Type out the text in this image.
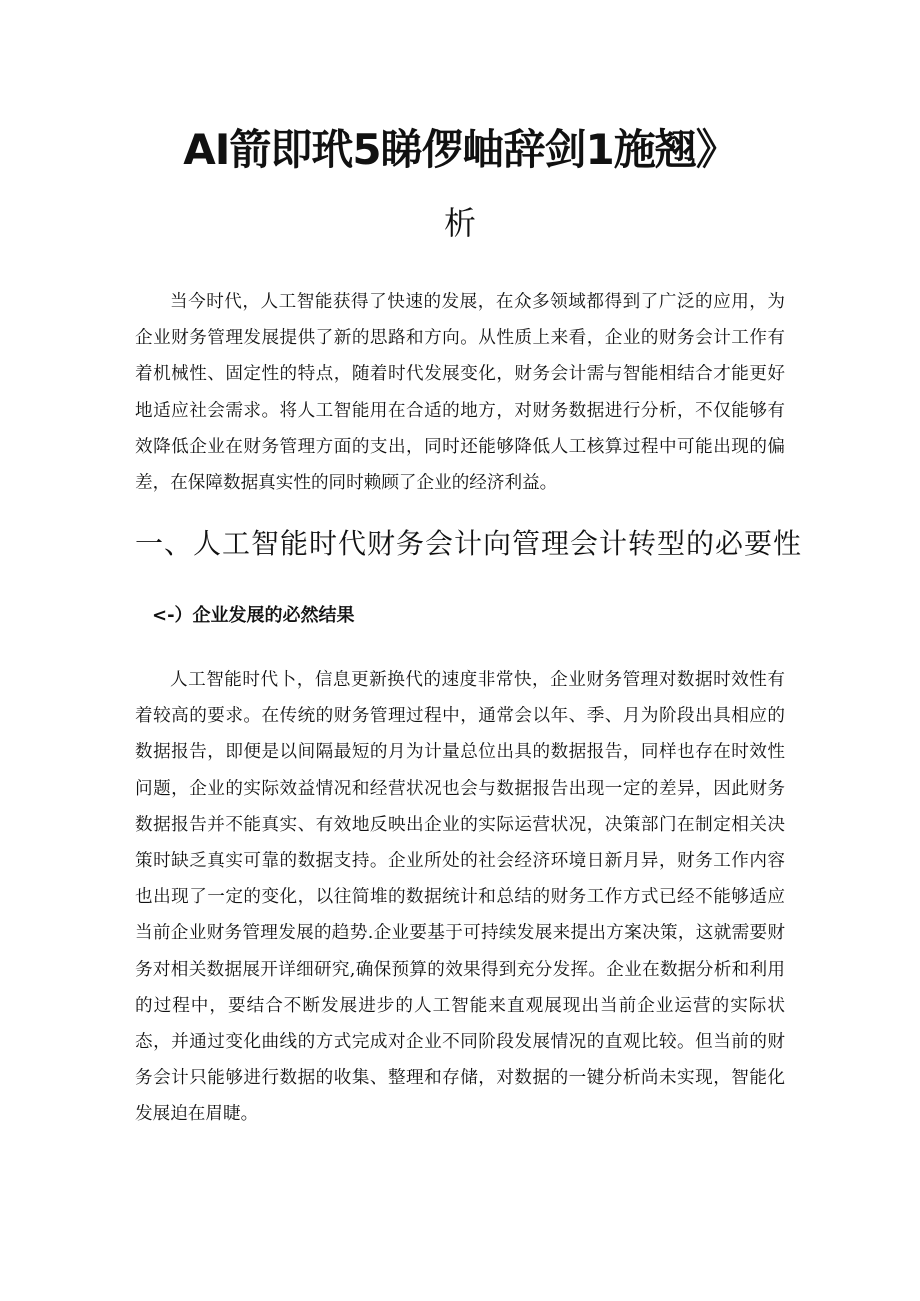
AI箭即玳5睇㑩岫辞剑1施翘》
析

当今时代，人工智能获得了快速的发展，在众多领域都得到了广泛的应用，为企业财务管理发展提供了新的思路和方向。从性质上来看，企业的财务会计工作有着机械性、固定性的特点，随着时代发展变化，财务会计需与智能相结合才能更好地适应社会需求。将人工智能用在合适的地方，对财务数据进行分析，不仅能够有效降低企业在财务管理方面的支出，同时还能够降低人工核算过程中可能出现的偏差，在保障数据真实性的同时赖顾了企业的经济利益。

一、人工智能时代财务会计向管理会计转型的必要性
<-）企业发展的必然结果

人工智能时代卜，信息更新换代的速度非常快，企业财务管理对数据时效性有着较高的要求。在传统的财务管理过程中，通常会以年、季、月为阶段出具相应的数据报告，即便是以间隔最短的月为计量总位出具的数据报告，同样也存在时效性问题，企业的实际效益情况和经营状况也会与数据报告出现一定的差异，因此财务数据报告并不能真实、有效地反映出企业的实际运营状况，决策部门在制定相关决策时缺乏真实可靠的数据支持。企业所处的社会经济环境日新月异，财务工作内容也出现了一定的变化，以往简堆的数据统计和总结的财务工作方式已经不能够适应当前企业财务管理发展的趋势.企业要基于可持续发展来提出方案决策，这就需要财务对相关数据展开详细研究,确保预算的效果得到充分发挥。企业在数据分析和利用的过程中，要结合不断发展进步的人工智能来直观展现出当前企业运营的实际状态，并通过变化曲线的方式完成对企业不同阶段发展情况的直观比较。但当前的财务会计只能够进行数据的收集、整理和存储，对数据的一键分析尚未实现，智能化发展迫在眉睫。
